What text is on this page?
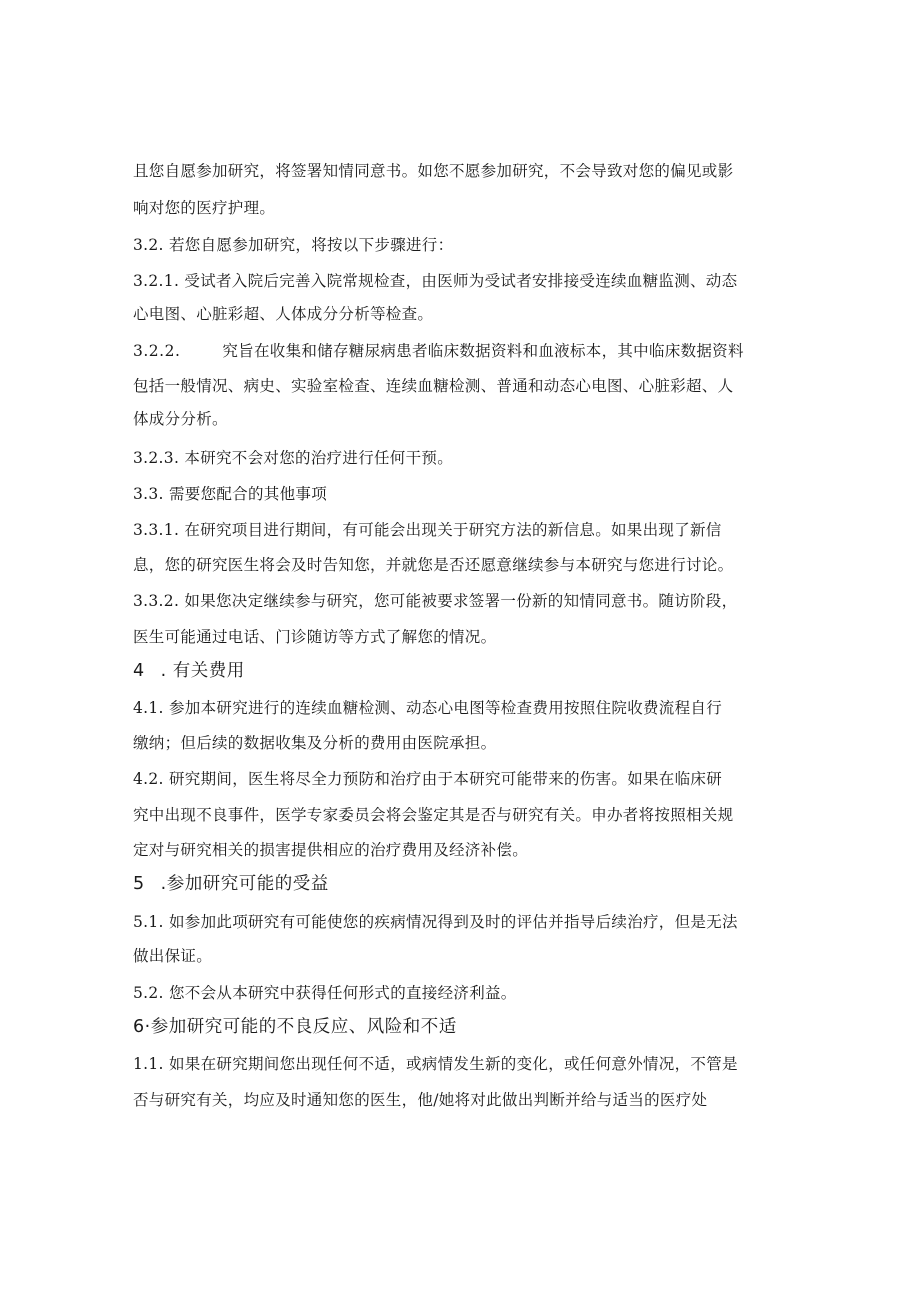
且您自愿参加研究，将签署知情同意书。如您不愿参加研究，不会导致对您的偏见或影
响对您的医疗护理。
3.2. 若您自愿参加研究，将按以下步骤进行：
3.2.1. 受试者入院后完善入院常规检查，由医师为受试者安排接受连续血糖监测、动态
心电图、心脏彩超、人体成分分析等检查。
3.2.2.	究旨在收集和储存糖尿病患者临床数据资料和血液标本，其中临床数据资料
包括一般情况、病史、实验室检查、连续血糖检测、普通和动态心电图、心脏彩超、人
体成分分析。
3.2.3. 本研究不会对您的治疗进行任何干预。
3.3. 需要您配合的其他事项
3.3.1. 在研究项目进行期间，有可能会出现关于研究方法的新信息。如果出现了新信
息，您的研究医生将会及时告知您，并就您是否还愿意继续参与本研究与您进行讨论。
3.3.2. 如果您决定继续参与研究，您可能被要求签署一份新的知情同意书。随访阶段，
医生可能通过电话、门诊随访等方式了解您的情况。
4 . 有关费用
4.1. 参加本研究进行的连续血糖检测、动态心电图等检查费用按照住院收费流程自行
缴纳；但后续的数据收集及分析的费用由医院承担。
4.2. 研究期间，医生将尽全力预防和治疗由于本研究可能带来的伤害。如果在临床研
究中出现不良事件，医学专家委员会将会鉴定其是否与研究有关。申办者将按照相关规
定对与研究相关的损害提供相应的治疗费用及经济补偿。
5 .参加研究可能的受益
5.1. 如参加此项研究有可能使您的疾病情况得到及时的评估并指导后续治疗，但是无法
做出保证。
5.2. 您不会从本研究中获得任何形式的直接经济利益。
6·参加研究可能的不良反应、风险和不适
1.1. 如果在研究期间您出现任何不适，或病情发生新的变化，或任何意外情况，不管是
否与研究有关，均应及时通知您的医生，他/她将对此做出判断并给与适当的医疗处
